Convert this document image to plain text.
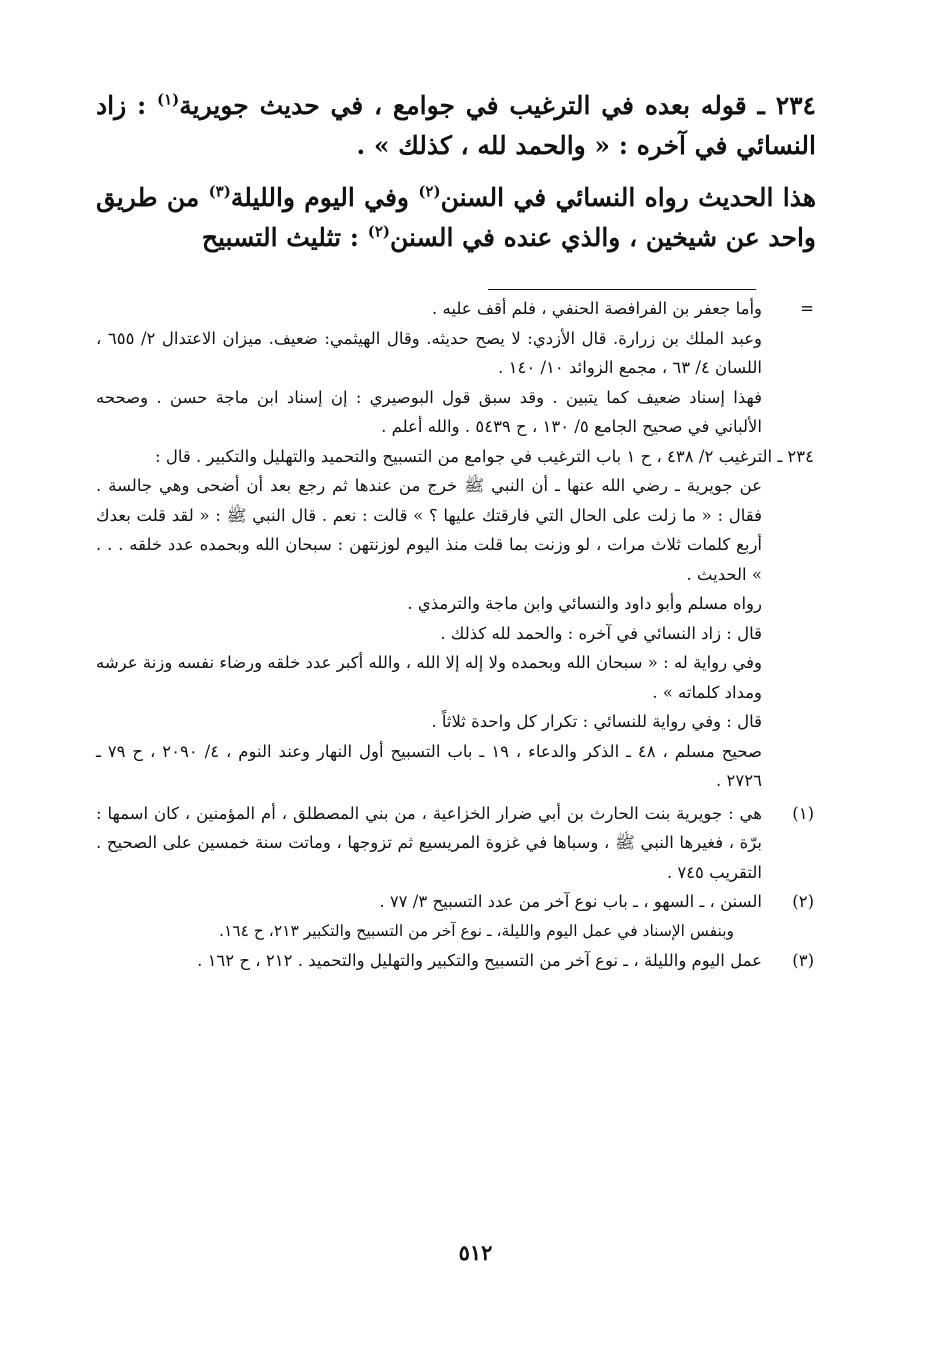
٢٣٤ ـ قوله بعده في الترغيب في جوامع ، في حديث جويرية$^{(١)}$ : زاد النسائي في آخره : « والحمد لله ، كذلك » .

هذا الحديث رواه النسائي في السنن$^{(٢)}$ وفي اليوم والليلة$^{(٣)}$ من طريق واحد عن شيخين ، والذي عنده في السنن$^{(٢)}$ : تثليث التسبيح

=

وأما جعفر بن الفرافصة الحنفي ، فلم أقف عليه .

وعبد الملك بن زرارة. قال الأزدي: لا يصح حديثه. وقال الهيثمي: ضعيف. ميزان الاعتدال ٢/ ٦٥٥ ، اللسان ٤/ ٦٣ ، مجمع الزوائد ١٠/ ١٤٠ .

فهذا إسناد ضعيف كما يتبين . وقد سبق قول البوصيري : إن إسناد ابن ماجة حسن . وصححه الألباني في صحيح الجامع ٥/ ١٣٠ ، ح ٥٤٣٩ . والله أعلم .

٢٣٤ ـ الترغيب ٢/ ٤٣٨ ، ح ١ باب الترغيب في جوامع من التسبيح والتحميد والتهليل والتكبير . قال :

عن جويرية ـ رضي الله عنها ـ أن النبي ﷺ خرج من عندها ثم رجع بعد أن أضحى وهي جالسة . فقال : « ما زلت على الحال التي فارقتك عليها ؟ » قالت : نعم . قال النبي ﷺ : « لقد قلت بعدك أربع كلمات ثلاث مرات ، لو وزنت بما قلت منذ اليوم لوزنتهن : سبحان الله وبحمده عدد خلقه . . . » الحديث .

رواه مسلم وأبو داود والنسائي وابن ماجة والترمذي .

قال : زاد النسائي في آخره : والحمد لله كذلك .

وفي رواية له : « سبحان الله وبحمده ولا إله إلا الله ، والله أكبر عدد خلقه ورضاء نفسه وزنة عرشه ومداد كلماته » .

قال : وفي رواية للنسائي : تكرار كل واحدة ثلاثاً .

صحيح مسلم ، ٤٨ ـ الذكر والدعاء ، ١٩ ـ باب التسبيح أول النهار وعند النوم ، ٤/ ٢٠٩٠ ، ح ٧٩ ـ ٢٧٢٦ .

(١)

هي : جويرية بنت الحارث بن أبي ضرار الخزاعية ، من بني المصطلق ، أم المؤمنين ، كان اسمها : برّة ، فغيرها النبي ﷺ ، وسباها في غزوة المريسيع ثم تزوجها ، وماتت سنة خمسين على الصحيح . التقريب ٧٤٥ .

(٢)

السنن ، ـ السهو ، ـ باب نوع آخر من عدد التسبيح ٣/ ٧٧ .

وبنفس الإسناد في عمل اليوم والليلة، ـ نوع آخر من التسبيح والتكبير ٢١٣، ح ١٦٤.

(٣)

عمل اليوم والليلة ، ـ نوع آخر من التسبيح والتكبير والتهليل والتحميد . ٢١٢ ، ح ١٦٢ .

٥١٢
